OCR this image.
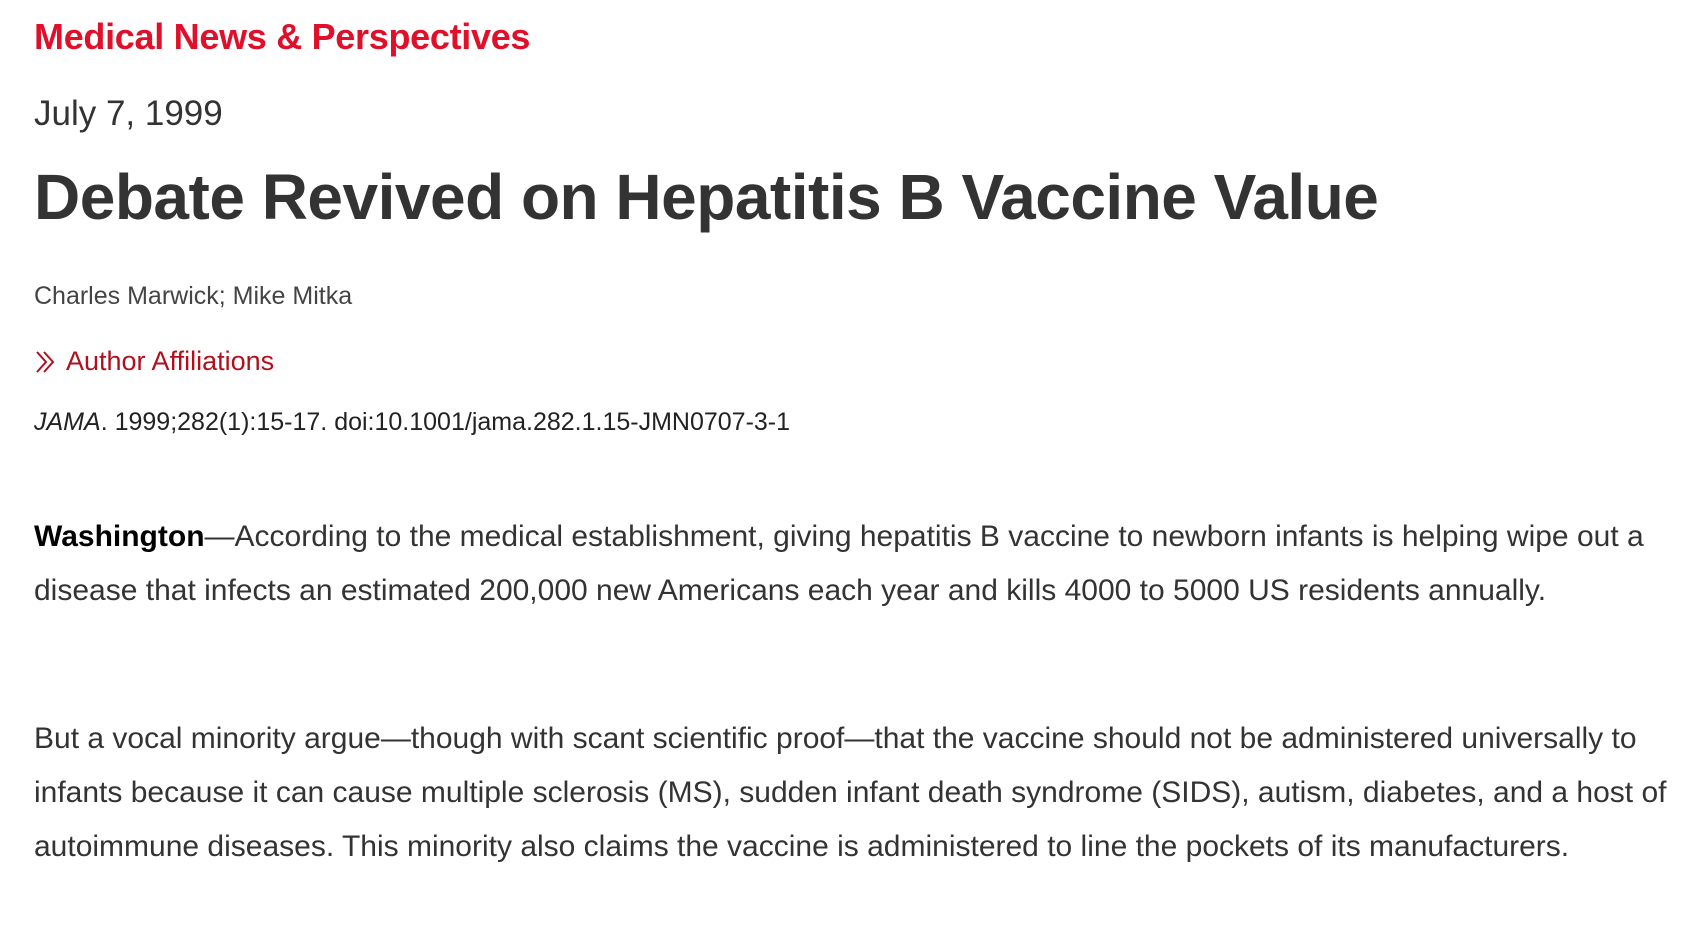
Medical News & Perspectives
July 7, 1999
Debate Revived on Hepatitis B Vaccine Value
Charles Marwick; Mike Mitka
Author Affiliations
JAMA. 1999;282(1):15-17. doi:10.1001/jama.282.1.15-JMN0707-3-1

Washington—According to the medical establishment, giving hepatitis B vaccine to newborn infants is helping wipe out a disease that infects an estimated 200,000 new Americans each year and kills 4000 to 5000 US residents annually.

But a vocal minority argue—though with scant scientific proof—that the vaccine should not be administered universally to infants because it can cause multiple sclerosis (MS), sudden infant death syndrome (SIDS), autism, diabetes, and a host of autoimmune diseases. This minority also claims the vaccine is administered to line the pockets of its manufacturers.
